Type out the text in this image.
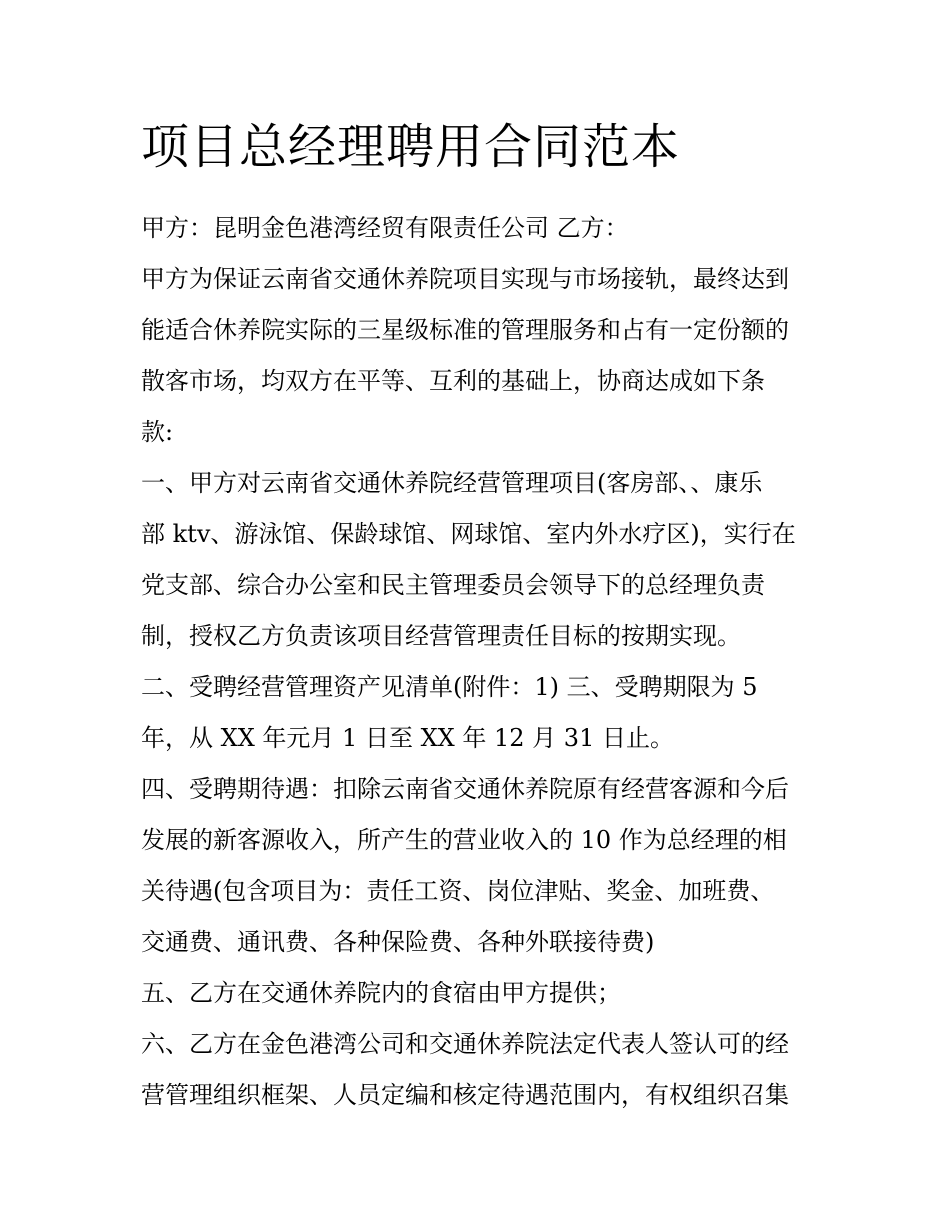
项目总经理聘用合同范本
甲方：昆明金色港湾经贸有限责任公司 乙方：
甲方为保证云南省交通休养院项目实现与市场接轨，最终达到
能适合休养院实际的三星级标准的管理服务和占有一定份额的
散客市场，均双方在平等、互利的基础上，协商达成如下条
款:
一、甲方对云南省交通休养院经营管理项目(客房部、、康乐
部 ktv、游泳馆、保龄球馆、网球馆、室内外水疗区)，实行在
党支部、综合办公室和民主管理委员会领导下的总经理负责
制，授权乙方负责该项目经营管理责任目标的按期实现。
二、受聘经营管理资产见清单(附件：1) 三、受聘期限为 5
年，从 XX 年元月 1 日至 XX 年 12 月 31 日止。
四、受聘期待遇：扣除云南省交通休养院原有经营客源和今后
发展的新客源收入，所产生的营业收入的 10 作为总经理的相
关待遇(包含项目为：责任工资、岗位津贴、奖金、加班费、
交通费、通讯费、各种保险费、各种外联接待费)
五、乙方在交通休养院内的食宿由甲方提供；
六、乙方在金色港湾公司和交通休养院法定代表人签认可的经
营管理组织框架、人员定编和核定待遇范围内，有权组织召集
